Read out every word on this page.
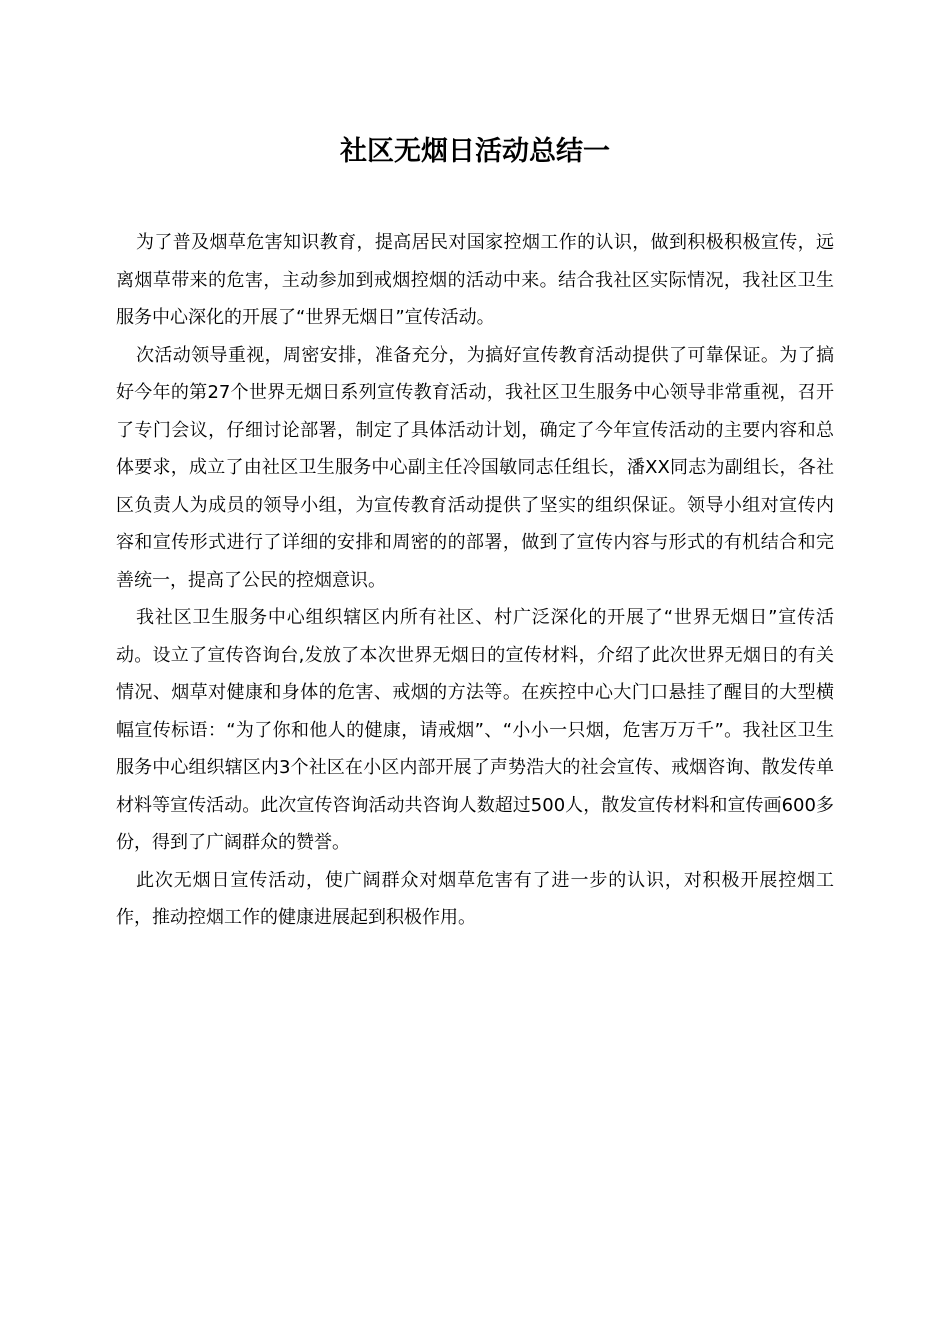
社区无烟日活动总结一

为了普及烟草危害知识教育，提高居民对国家控烟工作的认识，做到积极积极宣传，远离烟草带来的危害，主动参加到戒烟控烟的活动中来。结合我社区实际情况，我社区卫生服务中心深化的开展了“世界无烟日”宣传活动。

次活动领导重视，周密安排，准备充分，为搞好宣传教育活动提供了可靠保证。为了搞好今年的第27个世界无烟日系列宣传教育活动，我社区卫生服务中心领导非常重视，召开了专门会议，仔细讨论部署，制定了具体活动计划，确定了今年宣传活动的主要内容和总体要求，成立了由社区卫生服务中心副主任冷国敏同志任组长，潘XX同志为副组长，各社区负责人为成员的领导小组，为宣传教育活动提供了坚实的组织保证。领导小组对宣传内容和宣传形式进行了详细的安排和周密的的部署，做到了宣传内容与形式的有机结合和完善统一，提高了公民的控烟意识。

我社区卫生服务中心组织辖区内所有社区、村广泛深化的开展了“世界无烟日”宣传活动。设立了宣传咨询台,发放了本次世界无烟日的宣传材料，介绍了此次世界无烟日的有关情况、烟草对健康和身体的危害、戒烟的方法等。在疾控中心大门口悬挂了醒目的大型横幅宣传标语：“为了你和他人的健康，请戒烟”、“小小一只烟，危害万万千”。我社区卫生服务中心组织辖区内3个社区在小区内部开展了声势浩大的社会宣传、戒烟咨询、散发传单材料等宣传活动。此次宣传咨询活动共咨询人数超过500人，散发宣传材料和宣传画600多份，得到了广阔群众的赞誉。

此次无烟日宣传活动，使广阔群众对烟草危害有了进一步的认识，对积极开展控烟工作，推动控烟工作的健康进展起到积极作用。
